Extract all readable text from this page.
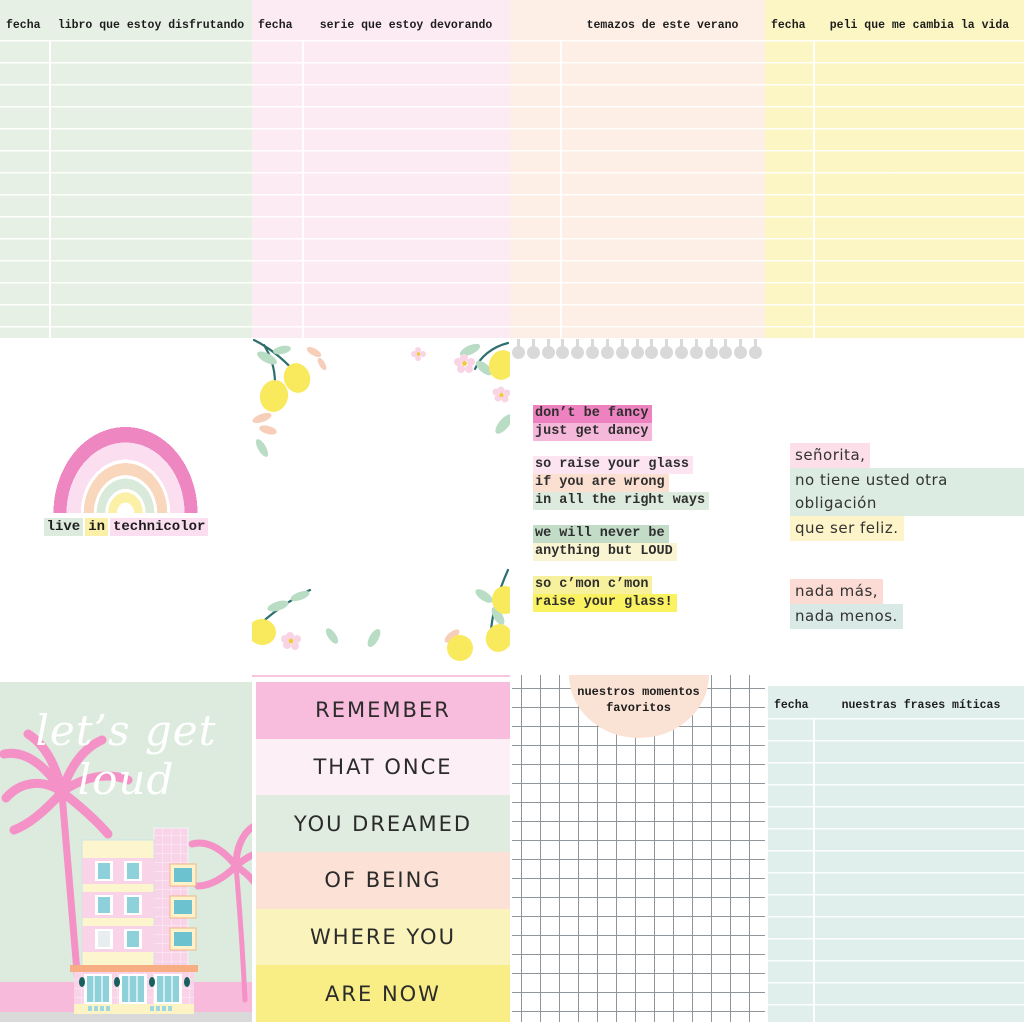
fecha	libro que estoy disfrutando	fecha	serie que estoy devorando	temazos de este verano	fecha	peli que me cambia la vida
live in technicolor
don’t be fancy
just get dancy
so raise your glass
if you are wrong
in all the right ways
we will never be
anything but LOUD
so c’mon c’mon
raise your glass!
señorita,
no tiene usted otra obligación
que ser feliz.
nada más,
nada menos.
let’s get loud
REMEMBER
THAT ONCE
YOU DREAMED
OF BEING
WHERE YOU
ARE NOW
nuestros momentos
favoritos	fecha	nuestras frases míticas
